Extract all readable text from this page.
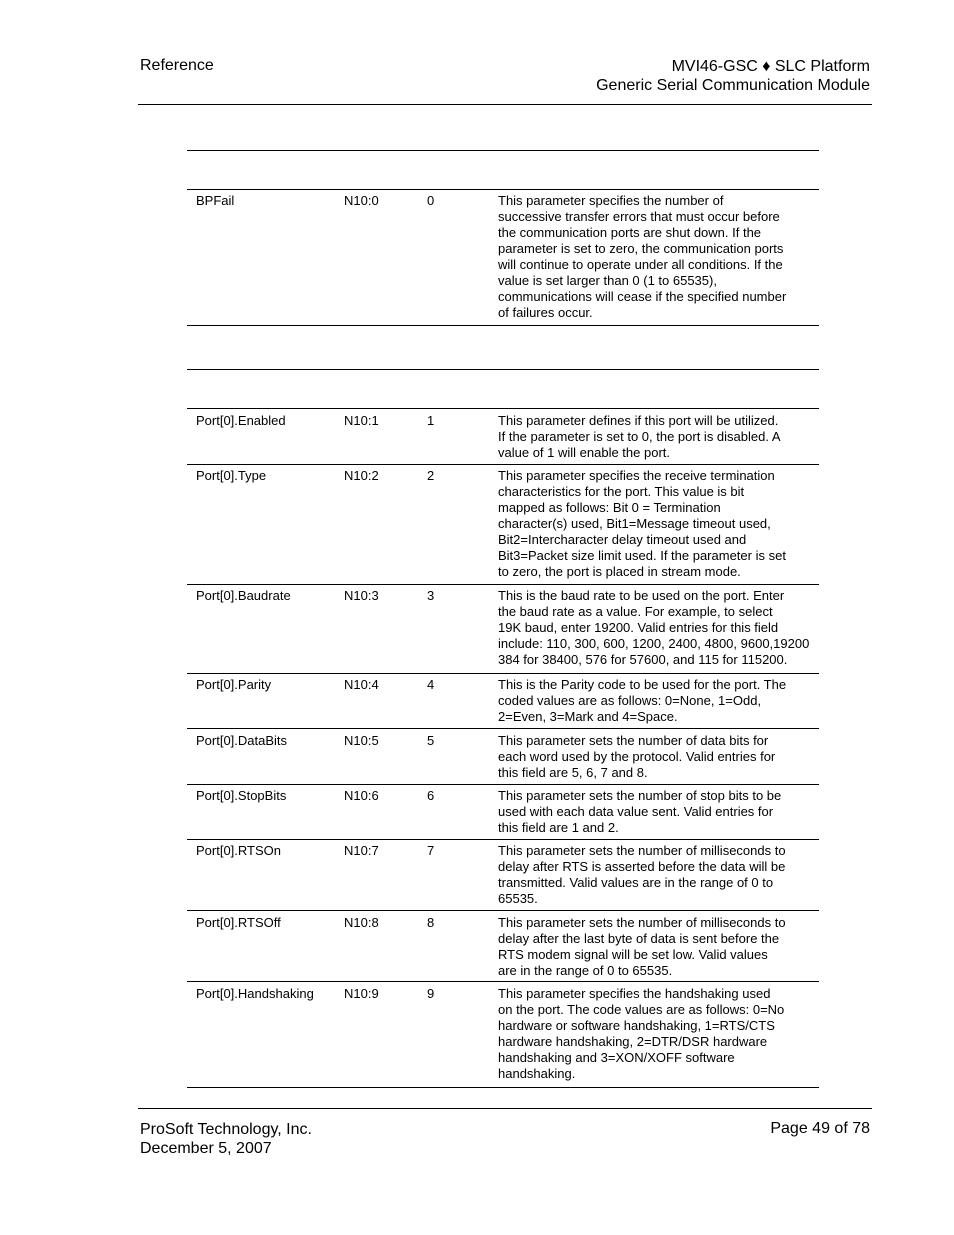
Reference	MVI46-GSC ♦ SLC Platform
Generic Serial Communication Module
BPFail	N10:0	0	This parameter specifies the number of
successive transfer errors that must occur before
the communication ports are shut down. If the
parameter is set to zero, the communication ports
will continue to operate under all conditions. If the
value is set larger than 0 (1 to 65535),
communications will cease if the specified number
of failures occur.
Port[0].Enabled	N10:1	1	This parameter defines if this port will be utilized.
If the parameter is set to 0, the port is disabled. A
value of 1 will enable the port.
Port[0].Type	N10:2	2	This parameter specifies the receive termination
characteristics for the port. This value is bit
mapped as follows: Bit 0 = Termination
character(s) used, Bit1=Message timeout used,
Bit2=Intercharacter delay timeout used and
Bit3=Packet size limit used. If the parameter is set
to zero, the port is placed in stream mode.
Port[0].Baudrate	N10:3	3	This is the baud rate to be used on the port. Enter
the baud rate as a value. For example, to select
19K baud, enter 19200. Valid entries for this field
include: 110, 300, 600, 1200, 2400, 4800, 9600,19200
384 for 38400, 576 for 57600, and 115 for 115200.
Port[0].Parity	N10:4	4	This is the Parity code to be used for the port. The
coded values are as follows: 0=None, 1=Odd,
2=Even, 3=Mark and 4=Space.
Port[0].DataBits	N10:5	5	This parameter sets the number of data bits for
each word used by the protocol. Valid entries for
this field are 5, 6, 7 and 8.
Port[0].StopBits	N10:6	6	This parameter sets the number of stop bits to be
used with each data value sent. Valid entries for
this field are 1 and 2.
Port[0].RTSOn	N10:7	7	This parameter sets the number of milliseconds to
delay after RTS is asserted before the data will be
transmitted. Valid values are in the range of 0 to
65535.
Port[0].RTSOff	N10:8	8	This parameter sets the number of milliseconds to
delay after the last byte of data is sent before the
RTS modem signal will be set low. Valid values
are in the range of 0 to 65535.
Port[0].Handshaking N10:9	9	This parameter specifies the handshaking used
on the port. The code values are as follows: 0=No
hardware or software handshaking, 1=RTS/CTS
hardware handshaking, 2=DTR/DSR hardware
handshaking and 3=XON/XOFF software
handshaking.
ProSoft Technology, Inc.
December 5, 2007
Page 49 of 78
